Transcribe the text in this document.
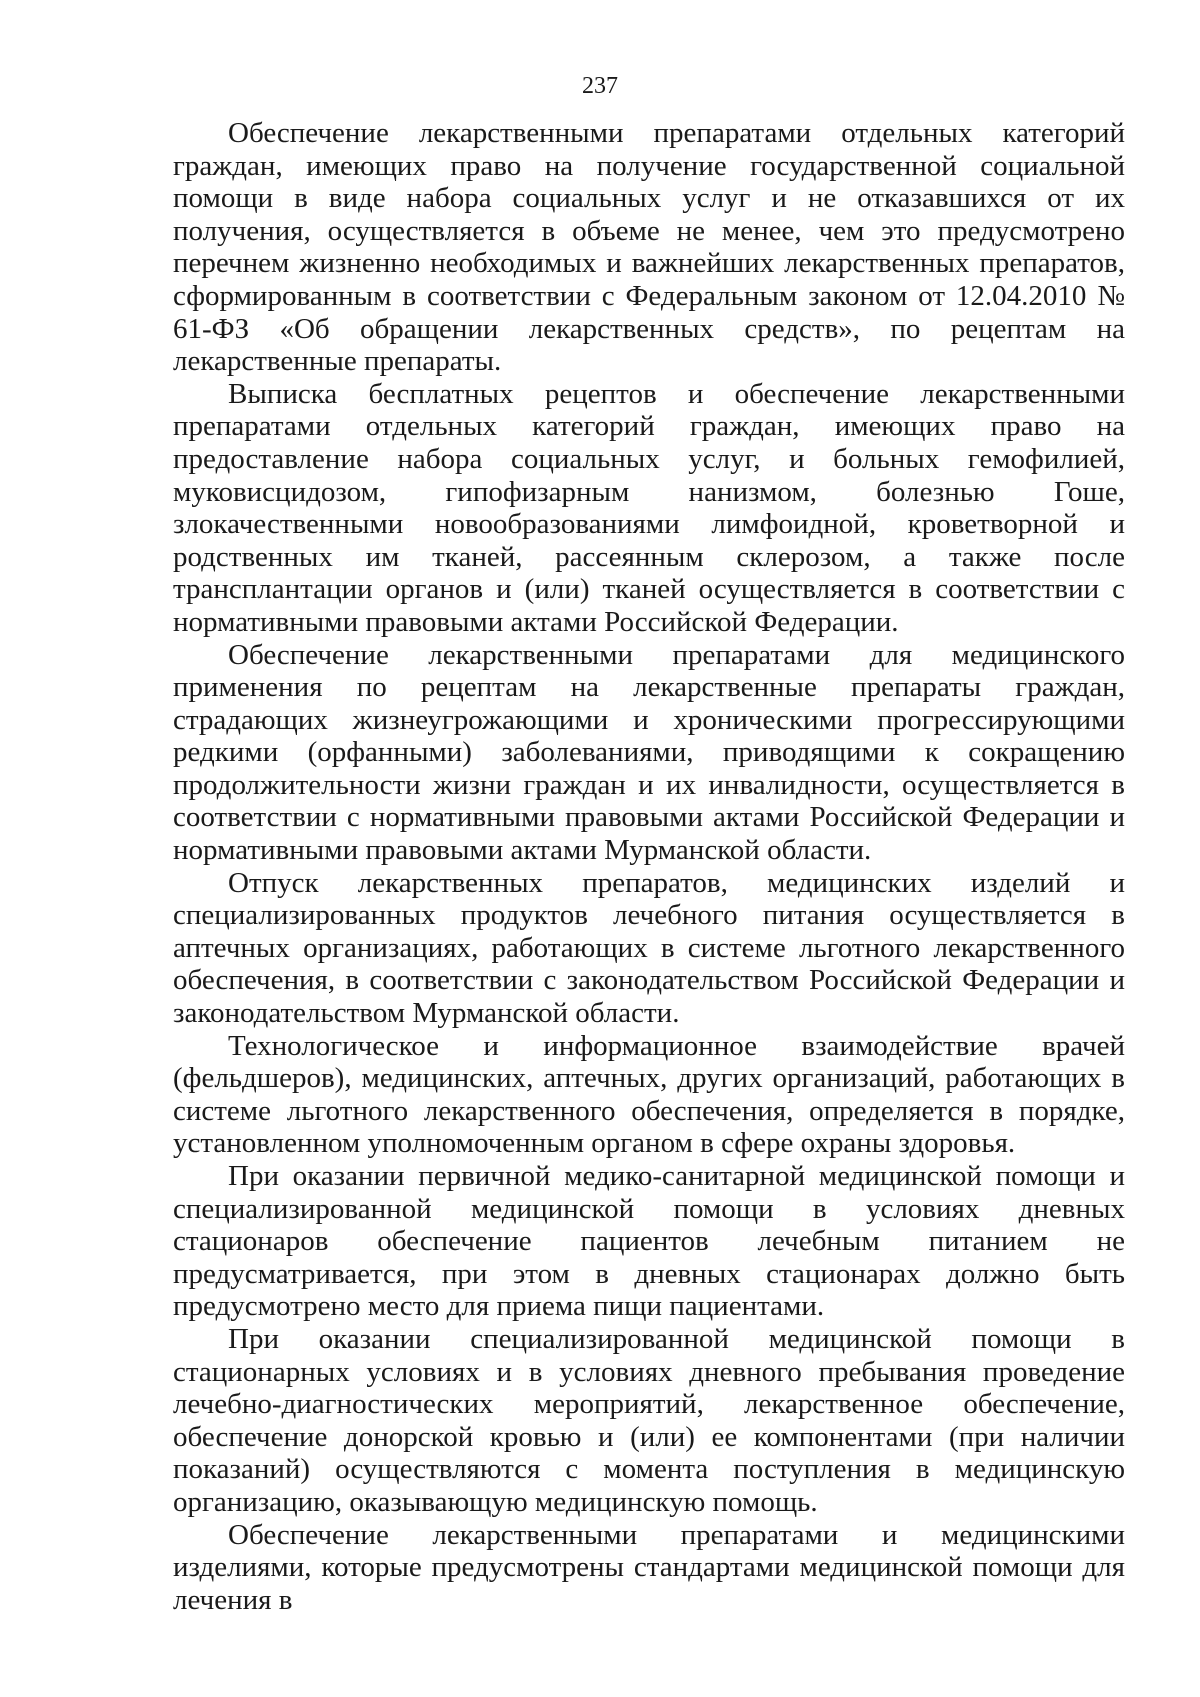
237

Обеспечение лекарственными препаратами отдельных категорий граждан, имеющих право на получение государственной социальной помощи в виде набора социальных услуг и не отказавшихся от их получения, осуществляется в объеме не менее, чем это предусмотрено перечнем жизненно необходимых и важнейших лекарственных препаратов, сформированным в соответствии с Федеральным законом от 12.04.2010 № 61-ФЗ «Об обращении лекарственных средств», по рецептам на лекарственные препараты.

Выписка бесплатных рецептов и обеспечение лекарственными препаратами отдельных категорий граждан, имеющих право на предоставление набора социальных услуг, и больных гемофилией, муковисцидозом, гипофизарным нанизмом, болезнью Гоше, злокачественными новообразованиями лимфоидной, кроветворной и родственных им тканей, рассеянным склерозом, а также после трансплантации органов и (или) тканей осуществляется в соответствии с нормативными правовыми актами Российской Федерации.

Обеспечение лекарственными препаратами для медицинского применения по рецептам на лекарственные препараты граждан, страдающих жизнеугрожающими и хроническими прогрессирующими редкими (орфанными) заболеваниями, приводящими к сокращению продолжительности жизни граждан и их инвалидности, осуществляется в соответствии с нормативными правовыми актами Российской Федерации и нормативными правовыми актами Мурманской области.

Отпуск лекарственных препаратов, медицинских изделий и специализированных продуктов лечебного питания осуществляется в аптечных организациях, работающих в системе льготного лекарственного обеспечения, в соответствии с законодательством Российской Федерации и законодательством Мурманской области.

Технологическое и информационное взаимодействие врачей (фельдшеров), медицинских, аптечных, других организаций, работающих в системе льготного лекарственного обеспечения, определяется в порядке, установленном уполномоченным органом в сфере охраны здоровья.

При оказании первичной медико-санитарной медицинской помощи и специализированной медицинской помощи в условиях дневных стационаров обеспечение пациентов лечебным питанием не предусматривается, при этом в дневных стационарах должно быть предусмотрено место для приема пищи пациентами.

При оказании специализированной медицинской помощи в стационарных условиях и в условиях дневного пребывания проведение лечебно-диагностических мероприятий, лекарственное обеспечение, обеспечение донорской кровью и (или) ее компонентами (при наличии показаний) осуществляются с момента поступления в медицинскую организацию, оказывающую медицинскую помощь.

Обеспечение лекарственными препаратами и медицинскими изделиями, которые предусмотрены стандартами медицинской помощи для лечения в
